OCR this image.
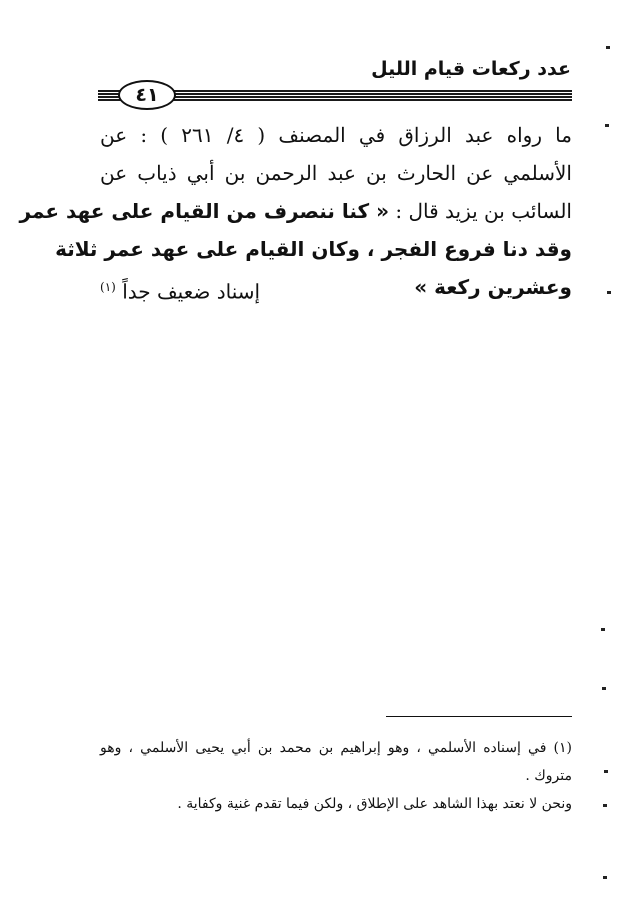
عدد ركعات قيام الليل
٤١
ما رواه عبد الرزاق في المصنف ( ٤/ ٢٦١ ) : عن
الأسلمي عن الحارث بن عبد الرحمن بن أبي ذياب عن
السائب بن يزيد قال : « كنا ننصرف من القيام على عهد عمر
وقد دنا فروع الفجر ، وكان القيام على عهد عمر ثلاثة
وعشرين ركعة »
إسناد ضعيف جداً $^{(١)}$
(١) في إسناده الأسلمي ، وهو إبراهيم بن محمد بن أبي يحيى الأسلمي ، وهو
متروك .
ونحن لا نعتد بهذا الشاهد على الإطلاق ، ولكن فيما تقدم غنية وكفاية .
